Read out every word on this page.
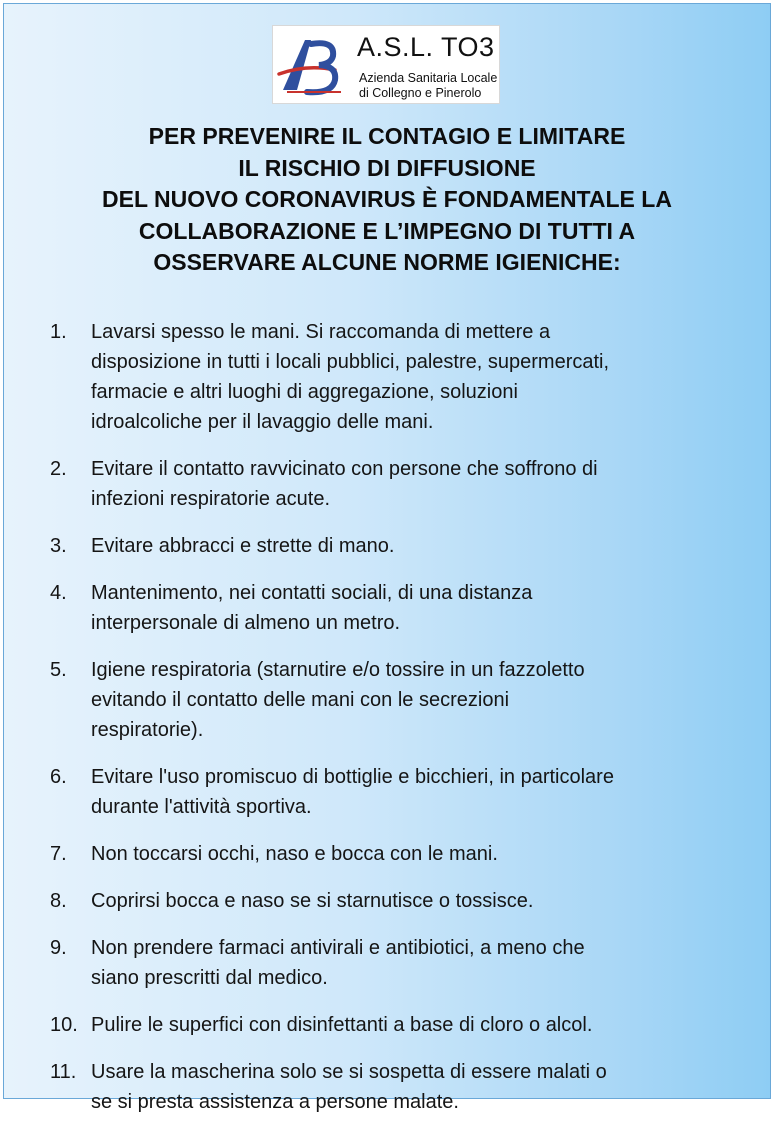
A.S.L. TO3
Azienda Sanitaria Locale
di Collegno e Pinerolo
PER PREVENIRE IL CONTAGIO E LIMITARE
IL RISCHIO DI DIFFUSIONE
DEL NUOVO CORONAVIRUS È FONDAMENTALE LA
COLLABORAZIONE E L’IMPEGNO DI TUTTI A
OSSERVARE ALCUNE NORME IGIENICHE:
1. Lavarsi spesso le mani. Si raccomanda di mettere a
disposizione in tutti i locali pubblici, palestre, supermercati,
farmacie e altri luoghi di aggregazione, soluzioni
idroalcoliche per il lavaggio delle mani.
2. Evitare il contatto ravvicinato con persone che soffrono di
infezioni respiratorie acute.
3. Evitare abbracci e strette di mano.
4. Mantenimento, nei contatti sociali, di una distanza
interpersonale di almeno un metro.
5. Igiene respiratoria (starnutire e/o tossire in un fazzoletto
evitando il contatto delle mani con le secrezioni
respiratorie).
6. Evitare l'uso promiscuo di bottiglie e bicchieri, in particolare
durante l'attività sportiva.
7. Non toccarsi occhi, naso e bocca con le mani.
8. Coprirsi bocca e naso se si starnutisce o tossisce.
9. Non prendere farmaci antivirali e antibiotici, a meno che
siano prescritti dal medico.
10. Pulire le superfici con disinfettanti a base di cloro o alcol.
11. Usare la mascherina solo se si sospetta di essere malati o
se si presta assistenza a persone malate.
